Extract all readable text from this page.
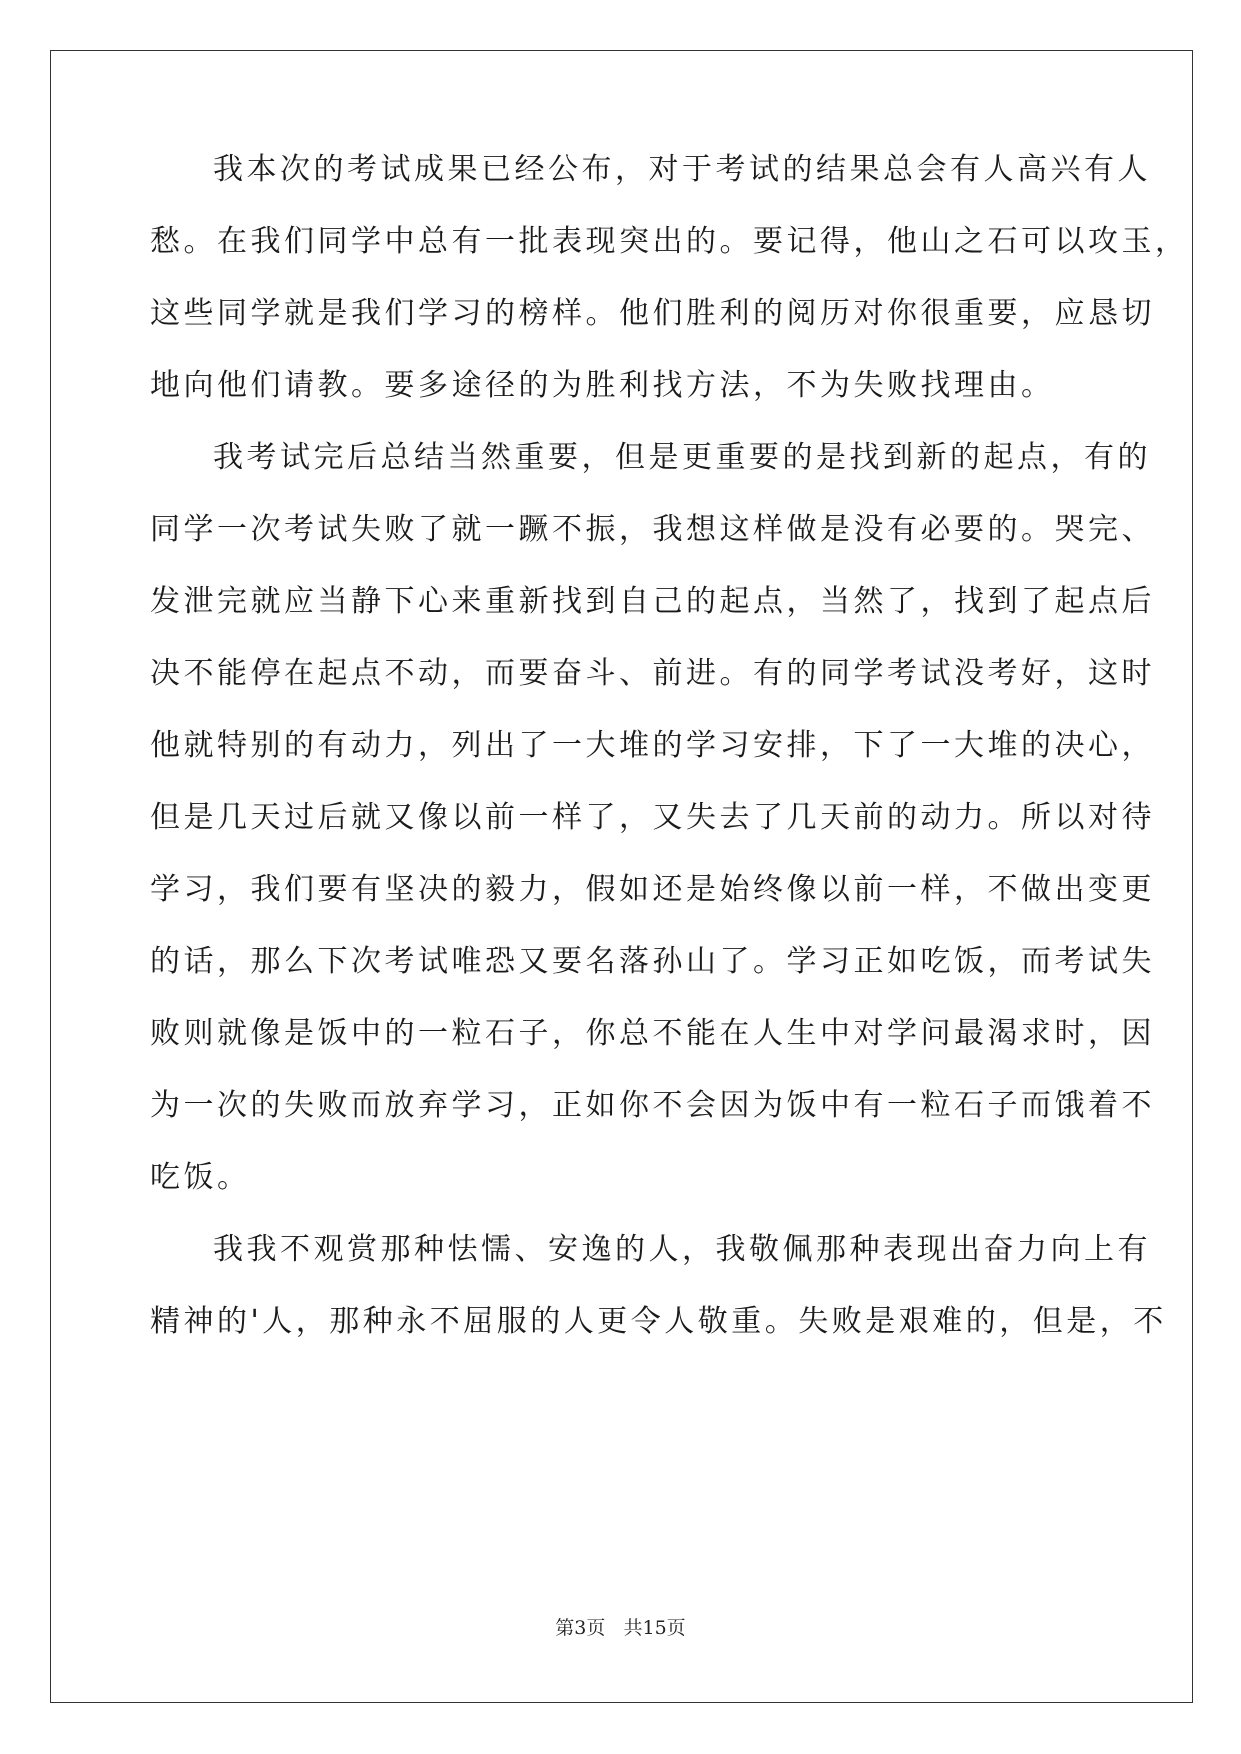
我本次的考试成果已经公布，对于考试的结果总会有人高兴有人
愁。在我们同学中总有一批表现突出的。要记得，他山之石可以攻玉，
这些同学就是我们学习的榜样。他们胜利的阅历对你很重要，应恳切
地向他们请教。要多途径的为胜利找方法，不为失败找理由。
我考试完后总结当然重要，但是更重要的是找到新的起点，有的
同学一次考试失败了就一蹶不振，我想这样做是没有必要的。哭完、
发泄完就应当静下心来重新找到自己的起点，当然了，找到了起点后
决不能停在起点不动，而要奋斗、前进。有的同学考试没考好，这时
他就特别的有动力，列出了一大堆的学习安排，下了一大堆的决心，
但是几天过后就又像以前一样了，又失去了几天前的动力。所以对待
学习，我们要有坚决的毅力，假如还是始终像以前一样，不做出变更
的话，那么下次考试唯恐又要名落孙山了。学习正如吃饭，而考试失
败则就像是饭中的一粒石子，你总不能在人生中对学问最渴求时，因
为一次的失败而放弃学习，正如你不会因为饭中有一粒石子而饿着不
吃饭。
我我不观赏那种怯懦、安逸的人，我敬佩那种表现出奋力向上有
精神的'人，那种永不屈服的人更令人敬重。失败是艰难的，但是，不
第3页   共15页
